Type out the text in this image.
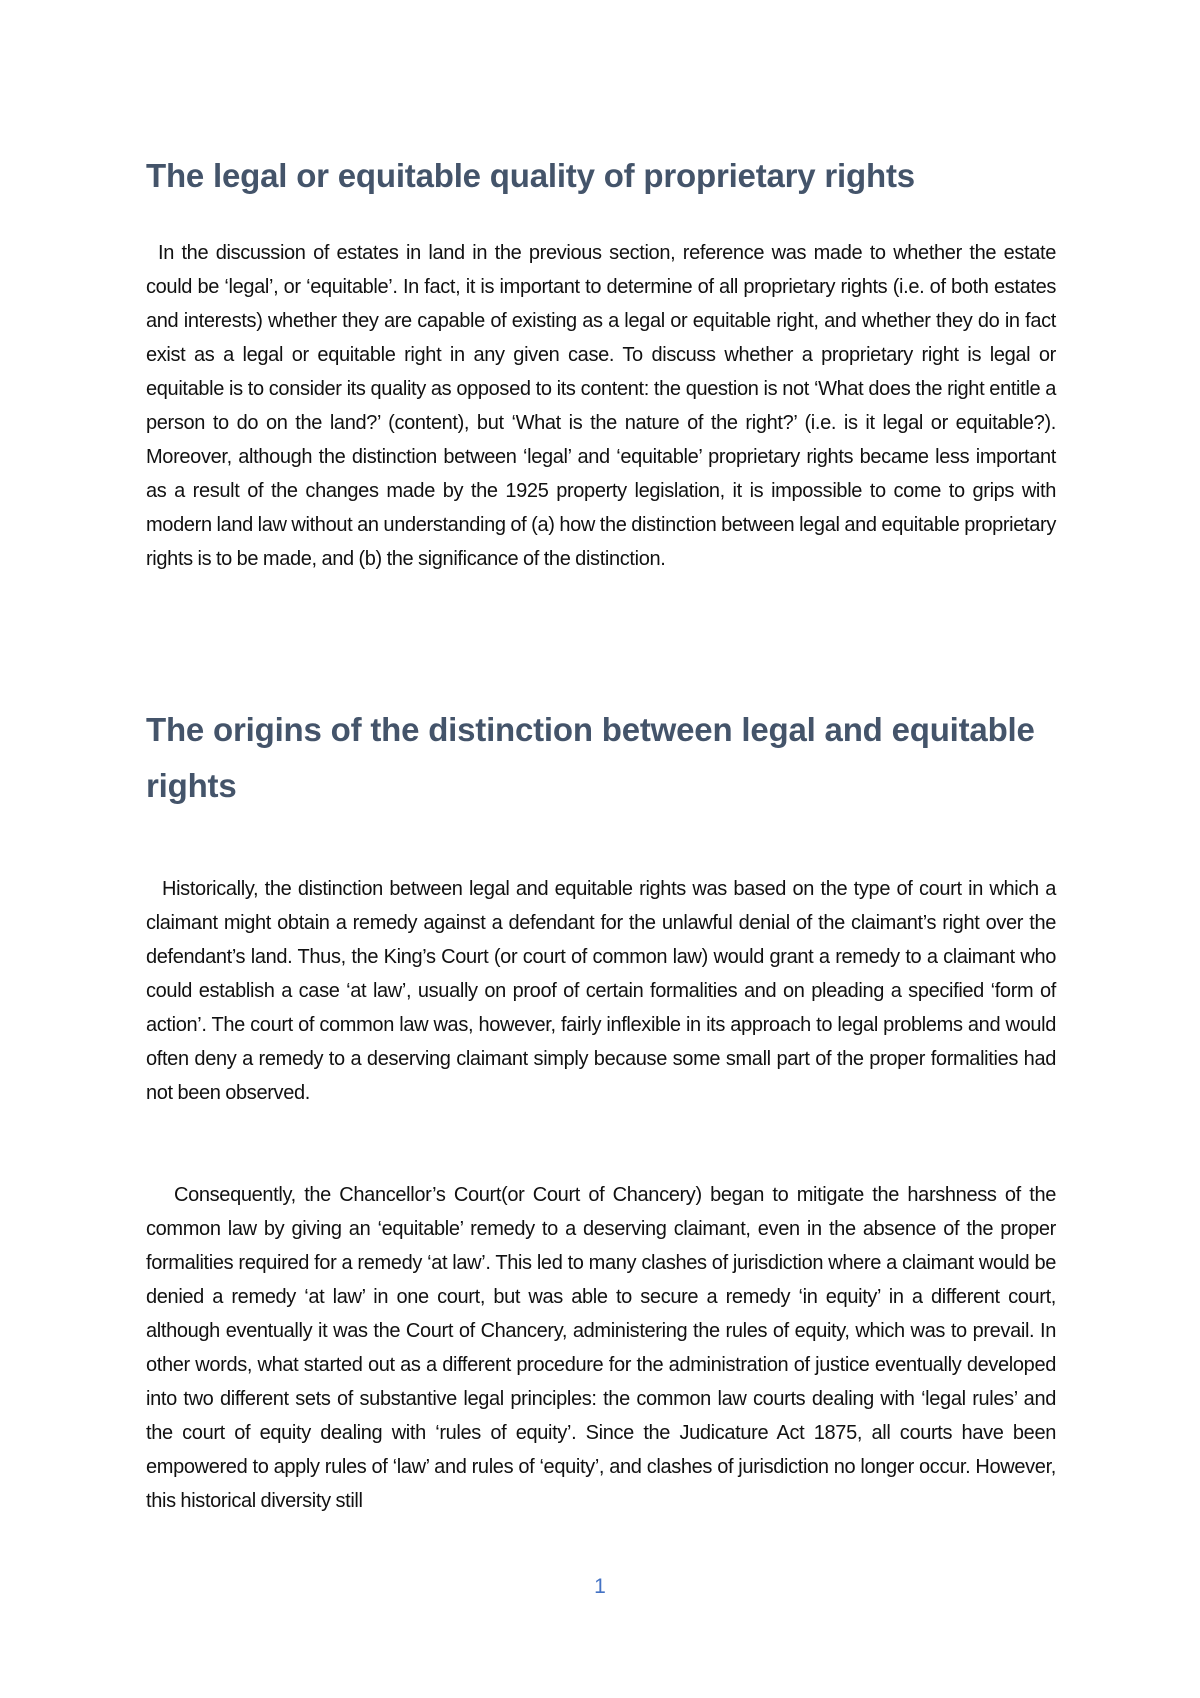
The legal or equitable quality of proprietary rights

In the discussion of estates in land in the previous section, reference was made to whether the estate could be ‘legal’, or ‘equitable’. In fact, it is important to determine of all proprietary rights (i.e. of both estates and interests) whether they are capable of existing as a legal or equitable right, and whether they do in fact exist as a legal or equitable right in any given case. To discuss whether a proprietary right is legal or equitable is to consider its quality as opposed to its content: the question is not ‘What does the right entitle a person to do on the land?’ (content), but ‘What is the nature of the right?’ (i.e. is it legal or equitable?). Moreover, although the distinction between ‘legal’ and ‘equitable’ proprietary rights became less important as a result of the changes made by the 1925 property legislation, it is impossible to come to grips with modern land law without an understanding of (a) how the distinction between legal and equitable proprietary rights is to be made, and (b) the significance of the distinction.

The origins of the distinction between legal and equitable rights

Historically, the distinction between legal and equitable rights was based on the type of court in which a claimant might obtain a remedy against a defendant for the unlawful denial of the claimant’s right over the defendant’s land. Thus, the King’s Court (or court of common law) would grant a remedy to a claimant who could establish a case ‘at law’, usually on proof of certain formalities and on pleading a specified ‘form of action’. The court of common law was, however, fairly inflexible in its approach to legal problems and would often deny a remedy to a deserving claimant simply because some small part of the proper formalities had not been observed.

Consequently, the Chancellor’s Court(or Court of Chancery) began to mitigate the harshness of the common law by giving an ‘equitable’ remedy to a deserving claimant, even in the absence of the proper formalities required for a remedy ‘at law’. This led to many clashes of jurisdiction where a claimant would be denied a remedy ‘at law’ in one court, but was able to secure a remedy ‘in equity’ in a different court, although eventually it was the Court of Chancery, administering the rules of equity, which was to prevail. In other words, what started out as a different procedure for the administration of justice eventually developed into two different sets of substantive legal principles: the common law courts dealing with ‘legal rules’ and the court of equity dealing with ‘rules of equity’. Since the Judicature Act 1875, all courts have been empowered to apply rules of ‘law’ and rules of ‘equity’, and clashes of jurisdiction no longer occur. However, this historical diversity still

1
